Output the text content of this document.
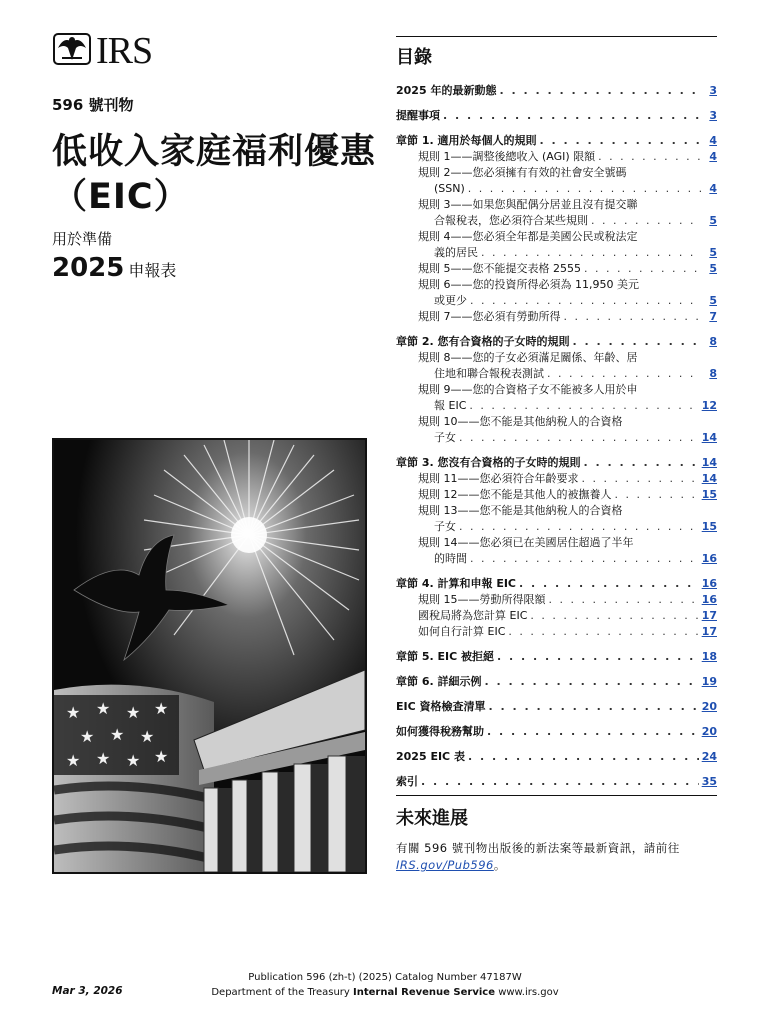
IRS
596 號刊物
低收入家庭福利優惠（EIC）
用於準備
2025 申報表
★ ★ ★ ★
★ ★ ★
★ ★ ★ ★
目錄
2025 年的最新動態 . . .	3
提醒事項 . . .	3
章節 1. 適用於每個人的規則 . . .	4
規則 1——調整後總收入 (AGI) 限額 . . .	4
規則 2——您必須擁有有效的社會安全號碼
(SSN) . . .	4
規則 3——如果您與配偶分居並且沒有提交聯
合報稅表，您必須符合某些規則 . . .	5
規則 4——您必須全年都是美國公民或稅法定
義的居民 . . .	5
規則 5——您不能提交表格 2555 . . .	5
規則 6——您的投資所得必須為 11,950 美元
或更少 . . .	5
規則 7——您必須有勞動所得 . . .	7
章節 2. 您有合資格的子女時的規則 . . .	8
規則 8——您的子女必須滿足關係、年齡、居
住地和聯合報稅表測試 . . .	8
規則 9——您的合資格子女不能被多人用於申
報 EIC . . .	12
規則 10——您不能是其他納稅人的合資格
子女 . . .	14
章節 3. 您沒有合資格的子女時的規則 . . .	14
規則 11——您必須符合年齡要求 . . .	14
規則 12——您不能是其他人的被撫養人 . . .	15
規則 13——您不能是其他納稅人的合資格
子女 . . .	15
規則 14——您必須已在美國居住超過了半年
的時間 . . .	16
章節 4. 計算和申報 EIC . . .	16
規則 15——勞動所得限額 . . .	16
國稅局將為您計算 EIC . . .	17
如何自行計算 EIC . . .	17
章節 5. EIC 被拒絕 . . .	18
章節 6. 詳細示例 . . .	19
EIC 資格檢查清單 . . .	20
如何獲得稅務幫助 . . .	20
2025 EIC 表 . . .	24
索引 . . .	35
未來進展
有關 596 號刊物出版後的新法案等最新資訊，請前往
IRS.gov/Pub596。
Mar 3, 2026
Publication 596 (zh-t) (2025) Catalog Number 47187W
Department of the Treasury Internal Revenue Service www.irs.gov
